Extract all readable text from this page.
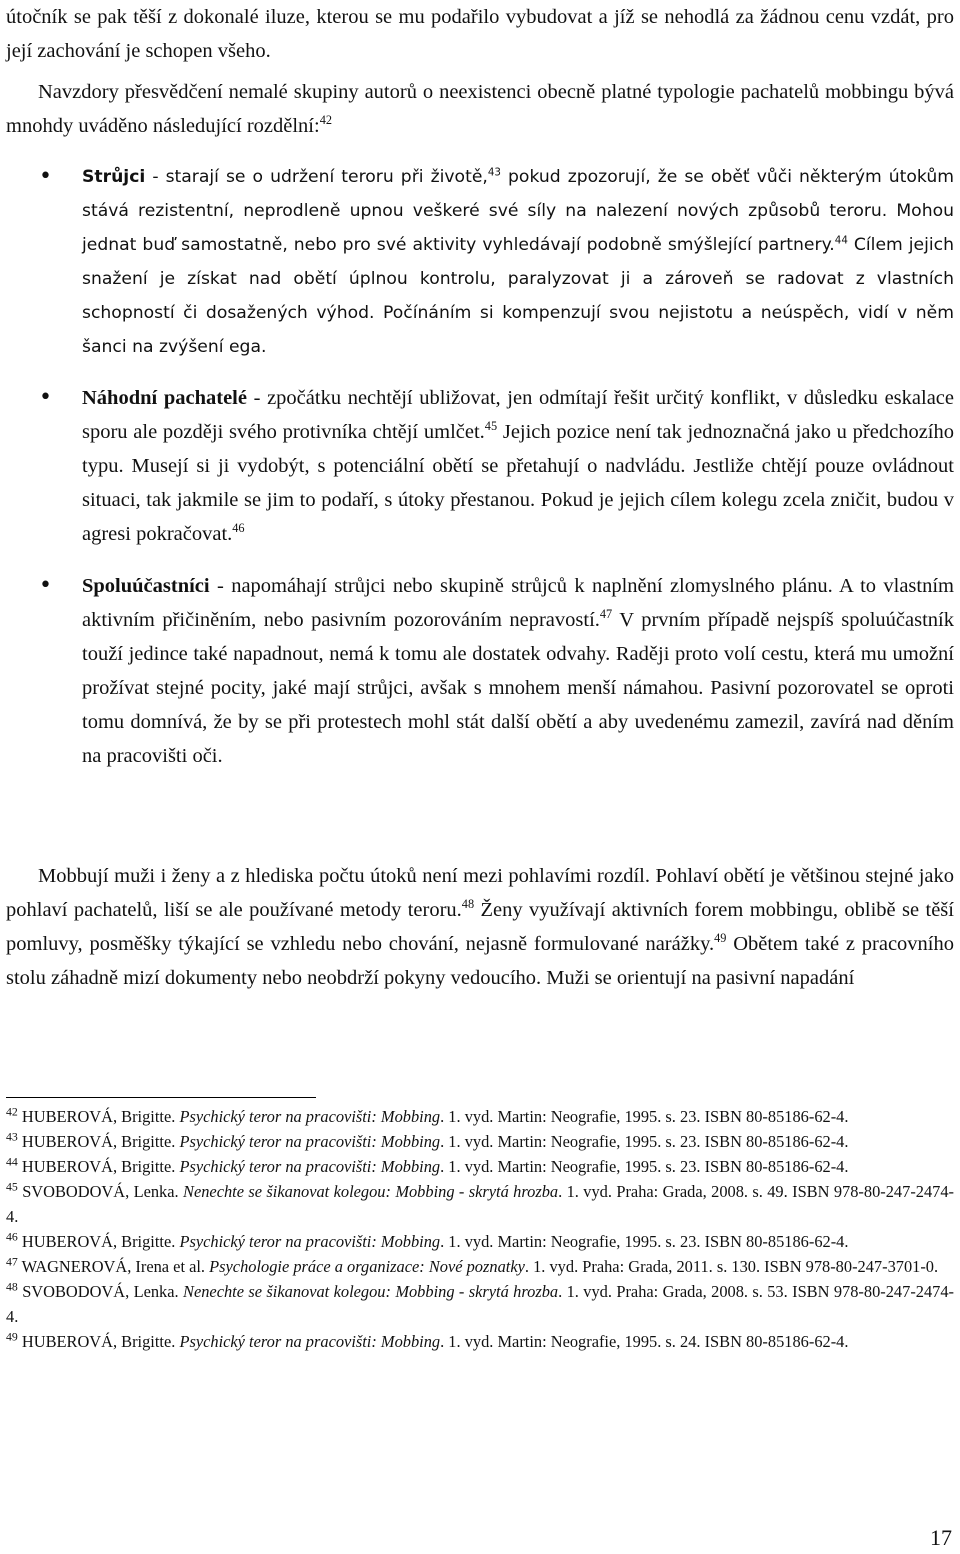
útočník se pak těší z dokonalé iluze, kterou se mu podařilo vybudovat a jíž se nehodlá za žádnou cenu vzdát, pro její zachování je schopen všeho.

Navzdory přesvědčení nemalé skupiny autorů o neexistenci obecně platné typologie pachatelů mobbingu bývá mnohdy uváděno následující rozdělní:$^{42}$

• Strůjci - starají se o udržení teroru při životě,$^{43}$ pokud zpozorují, že se oběť vůči některým útokům stává rezistentní, neprodleně upnou veškeré své síly na nalezení nových způsobů teroru. Mohou jednat buď samostatně, nebo pro své aktivity vyhledávají podobně smýšlející partnery.$^{44}$ Cílem jejich snažení je získat nad obětí úplnou kontrolu, paralyzovat ji a zároveň se radovat z vlastních schopností či dosažených výhod. Počínáním si kompenzují svou nejistotu a neúspěch, vidí v něm šanci na zvýšení ega.
• Náhodní pachatelé - zpočátku nechtějí ubližovat, jen odmítají řešit určitý konflikt, v důsledku eskalace sporu ale později svého protivníka chtějí umlčet.$^{45}$ Jejich pozice není tak jednoznačná jako u předchozího typu. Musejí si ji vydobýt, s potenciální obětí se přetahují o nadvládu. Jestliže chtějí pouze ovládnout situaci, tak jakmile se jim to podaří, s útoky přestanou. Pokud je jejich cílem kolegu zcela zničit, budou v agresi pokračovat.$^{46}$
• Spoluúčastníci - napomáhají strůjci nebo skupině strůjců k naplnění zlomyslného plánu. A to vlastním aktivním přičiněním, nebo pasivním pozorováním nepravostí.$^{47}$ V prvním případě nejspíš spoluúčastník touží jedince také napadnout, nemá k tomu ale dostatek odvahy. Raději proto volí cestu, která mu umožní prožívat stejné pocity, jaké mají strůjci, avšak s mnohem menší námahou. Pasivní pozorovatel se oproti tomu domnívá, že by se při protestech mohl stát další obětí a aby uvedenému zamezil, zavírá nad děním na pracovišti oči.

Mobbují muži i ženy a z hlediska počtu útoků není mezi pohlavími rozdíl. Pohlaví obětí je většinou stejné jako pohlaví pachatelů, liší se ale používané metody teroru.$^{48}$ Ženy využívají aktivních forem mobbingu, oblibě se těší pomluvy, posměšky týkající se vzhledu nebo chování, nejasně formulované narážky.$^{49}$ Obětem také z pracovního stolu záhadně mizí dokumenty nebo neobdrží pokyny vedoucího. Muži se orientují na pasivní napadání

$^{42}$ HUBEROVÁ, Brigitte. Psychický teror na pracovišti: Mobbing. 1. vyd. Martin: Neografie, 1995. s. 23. ISBN 80-85186-62-4.

$^{43}$ HUBEROVÁ, Brigitte. Psychický teror na pracovišti: Mobbing. 1. vyd. Martin: Neografie, 1995. s. 23. ISBN 80-85186-62-4.

$^{44}$ HUBEROVÁ, Brigitte. Psychický teror na pracovišti: Mobbing. 1. vyd. Martin: Neografie, 1995. s. 23. ISBN 80-85186-62-4.

$^{45}$ SVOBODOVÁ, Lenka. Nenechte se šikanovat kolegou: Mobbing - skrytá hrozba. 1. vyd. Praha: Grada, 2008. s. 49. ISBN 978-80-247-2474-4.

$^{46}$ HUBEROVÁ, Brigitte. Psychický teror na pracovišti: Mobbing. 1. vyd. Martin: Neografie, 1995. s. 23. ISBN 80-85186-62-4.

$^{47}$ WAGNEROVÁ, Irena et al. Psychologie práce a organizace: Nové poznatky. 1. vyd. Praha: Grada, 2011. s. 130. ISBN 978-80-247-3701-0.

$^{48}$ SVOBODOVÁ, Lenka. Nenechte se šikanovat kolegou: Mobbing - skrytá hrozba. 1. vyd. Praha: Grada, 2008. s. 53. ISBN 978-80-247-2474-4.

$^{49}$ HUBEROVÁ, Brigitte. Psychický teror na pracovišti: Mobbing. 1. vyd. Martin: Neografie, 1995. s. 24. ISBN 80-85186-62-4.

17
